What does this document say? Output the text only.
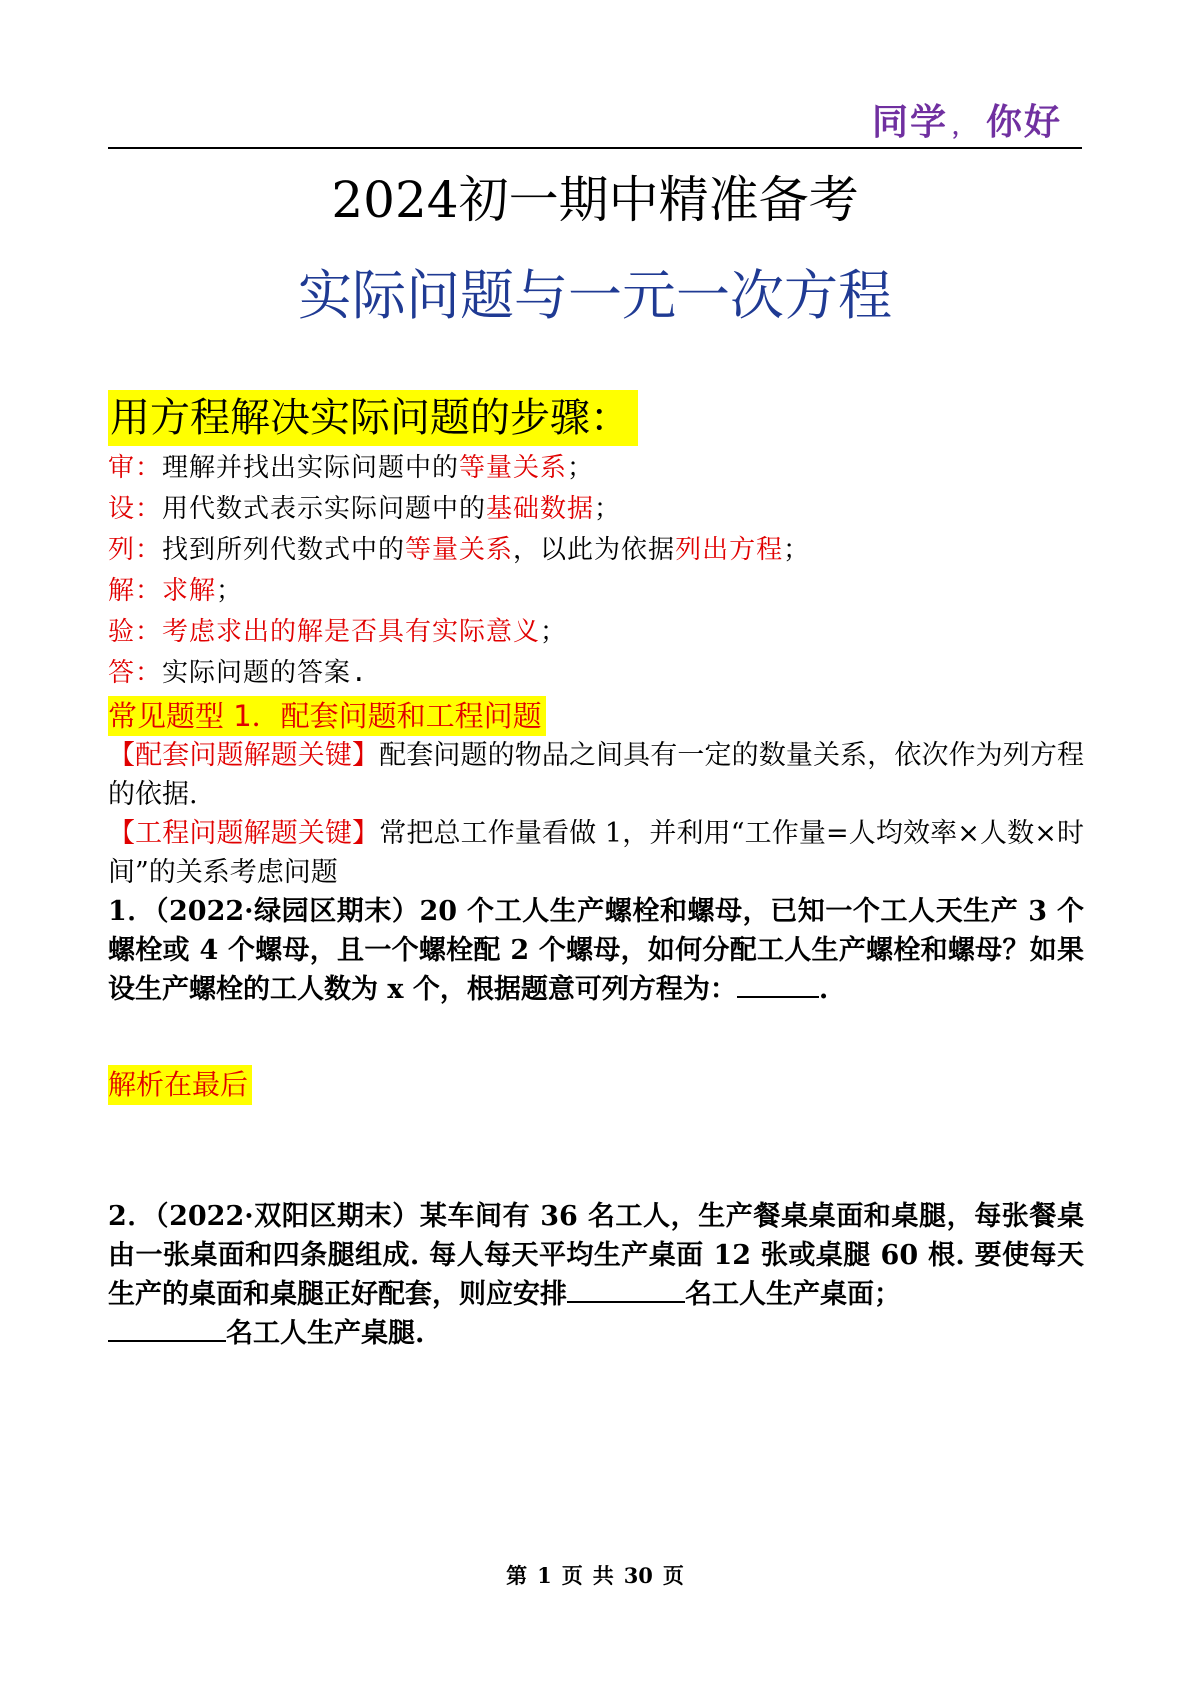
同学 ， 你好
2024初一期中精准备考
实际问题与一元一次方程
用方程解决实际问题的步骤：
审：理解并找出实际问题中的等量关系；
设：用代数式表示实际问题中的基础数据；
列：找到所列代数式中的等量关系，以此为依据列出方程；
解：求解；
验：考虑求出的解是否具有实际意义；
答：实际问题的答案.
常见题型 1．配套问题和工程问题
【配套问题解题关键】配套问题的物品之间具有一定的数量关系，依次作为列方程的依据.
【工程问题解题关键】常把总工作量看做 1，并利用“工作量=人均效率×人数×时间”的关系考虑问题
1．（2022·绿园区期末）20 个工人生产螺栓和螺母，已知一个工人天生产 3 个螺栓或 4 个螺母，且一个螺栓配 2 个螺母，如何分配工人生产螺栓和螺母？如果设生产螺栓的工人数为 x 个，根据题意可列方程为：	.
解析在最后
2．（2022·双阳区期末）某车间有 36 名工人，生产餐桌桌面和桌腿，每张餐桌由一张桌面和四条腿组成. 每人每天平均生产桌面 12 张或桌腿 60 根. 要使每天生产的桌面和桌腿正好配套，则应安排	名工人生产桌面；
名工人生产桌腿.
第 1 页 共 30 页
